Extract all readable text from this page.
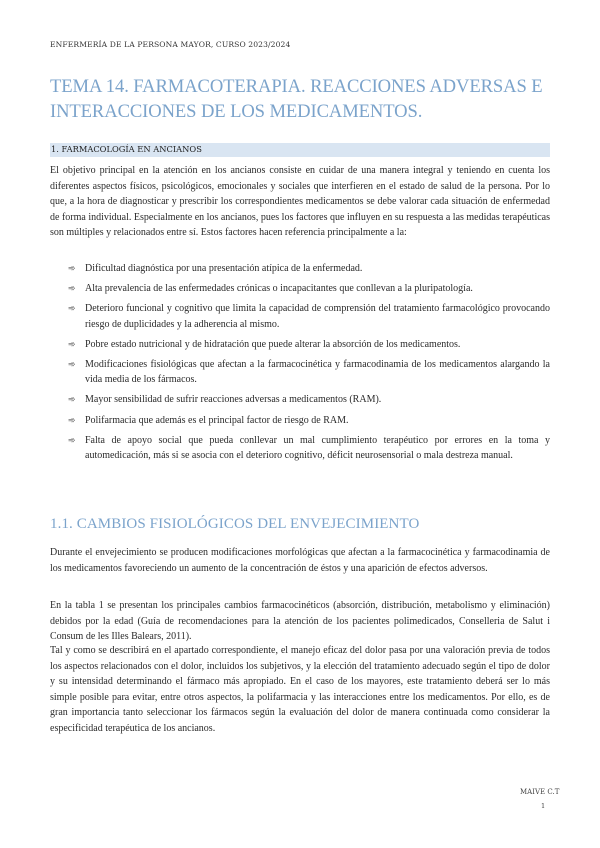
ENFERMERÍA DE LA PERSONA MAYOR, CURSO 2023/2024
TEMA 14. FARMACOTERAPIA. REACCIONES ADVERSAS E INTERACCIONES DE LOS MEDICAMENTOS.
1. FARMACOLOGÍA EN ANCIANOS

El objetivo principal en la atención en los ancianos consiste en cuidar de una manera integral y teniendo en cuenta los diferentes aspectos físicos, psicológicos, emocionales y sociales que interfieren en el estado de salud de la persona. Por lo que, a la hora de diagnosticar y prescribir los correspondientes medicamentos se debe valorar cada situación de enfermedad de forma individual. Especialmente en los ancianos, pues los factores que influyen en su respuesta a las medidas terapéuticas son múltiples y relacionados entre sí. Estos factores hacen referencia principalmente a la:

➾ Dificultad diagnóstica por una presentación atípica de la enfermedad.
➾ Alta prevalencia de las enfermedades crónicas o incapacitantes que conllevan a la pluripatología.
➾ Deterioro funcional y cognitivo que limita la capacidad de comprensión del tratamiento farmacológico provocando riesgo de duplicidades y la adherencia al mismo.
➾ Pobre estado nutricional y de hidratación que puede alterar la absorción de los medicamentos.
➾ Modificaciones fisiológicas que afectan a la farmacocinética y farmacodinamia de los medicamentos alargando la vida media de los fármacos.
➾ Mayor sensibilidad de sufrir reacciones adversas a medicamentos (RAM).
➾ Polifarmacia que además es el principal factor de riesgo de RAM.
➾ Falta de apoyo social que pueda conllevar un mal cumplimiento terapéutico por errores en la toma y automedicación, más si se asocia con el deterioro cognitivo, déficit neurosensorial o mala destreza manual.
1.1. CAMBIOS FISIOLÓGICOS DEL ENVEJECIMIENTO

Durante el envejecimiento se producen modificaciones morfológicas que afectan a la farmacocinética y farmacodinamia de los medicamentos favoreciendo un aumento de la concentración de éstos y una aparición de efectos adversos.

En la tabla 1 se presentan los principales cambios farmacocinéticos (absorción, distribución, metabolismo y eliminación) debidos por la edad (Guía de recomendaciones para la atención de los pacientes polimedicados, Conselleria de Salut i Consum de les Illes Balears, 2011).

Tal y como se describirá en el apartado correspondiente, el manejo eficaz del dolor pasa por una valoración previa de todos los aspectos relacionados con el dolor, incluidos los subjetivos, y la elección del tratamiento adecuado según el tipo de dolor y su intensidad determinando el fármaco más apropiado. En el caso de los mayores, este tratamiento deberá ser lo más simple posible para evitar, entre otros aspectos, la polifarmacia y las interacciones entre los medicamentos. Por ello, es de gran importancia tanto seleccionar los fármacos según la evaluación del dolor de manera continuada como considerar la especificidad terapéutica de los ancianos.

MAIVE C.T
1
